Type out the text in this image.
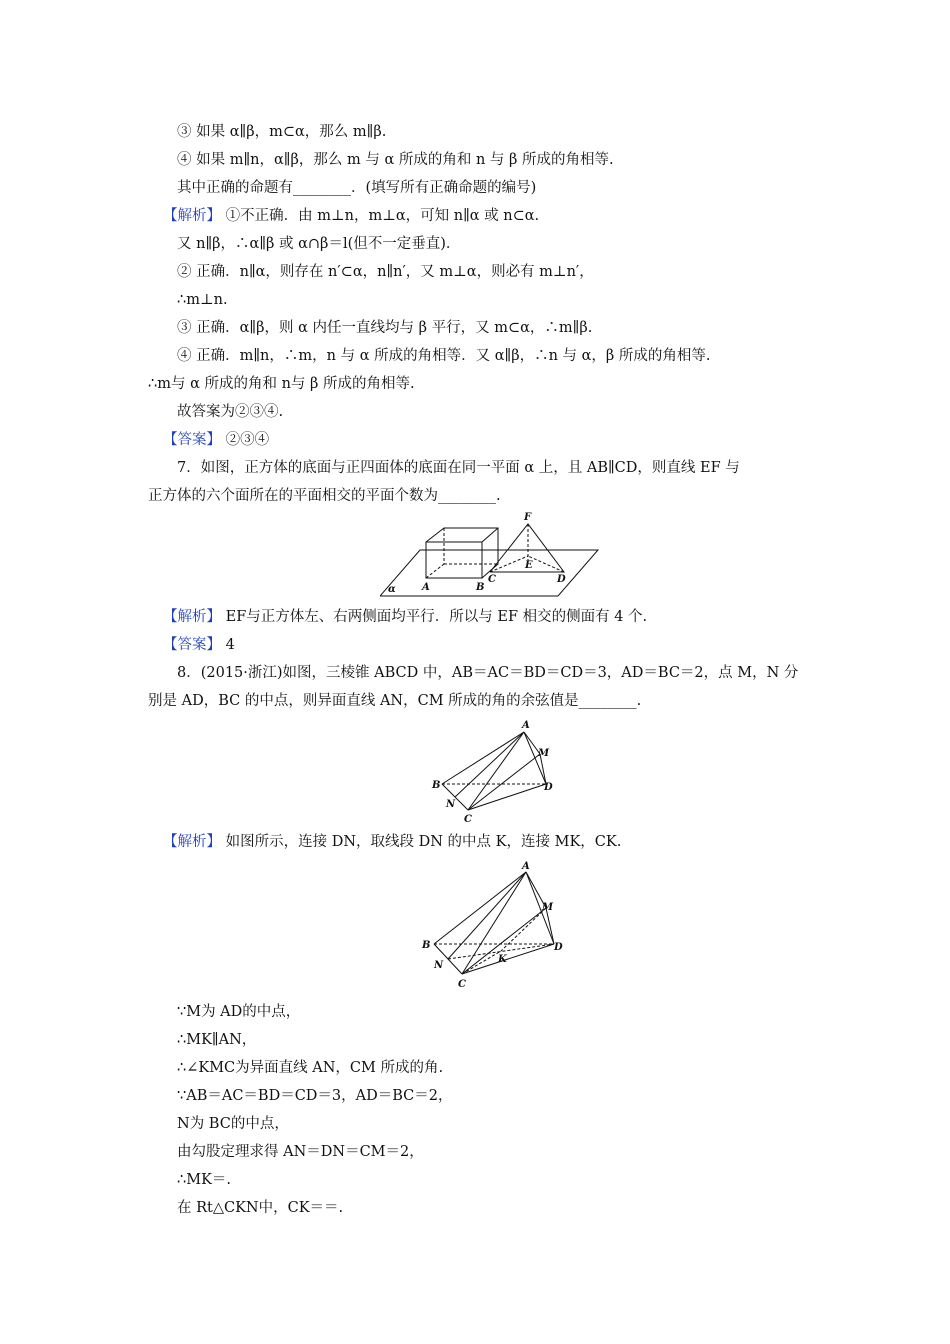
③ 如果 α∥β，m⊂α，那么 m∥β.
④ 如果 m∥n，α∥β，那么 m 与 α 所成的角和 n 与 β 所成的角相等.
其中正确的命题有________．(填写所有正确命题的编号)
【解析】 ①不正确．由 m⊥n，m⊥α，可知 n∥α 或 n⊂α.
又 n∥β，∴α∥β 或 α∩β＝l(但不一定垂直)．
② 正确．n∥α，则存在 n′⊂α，n∥n′，又 m⊥α，则必有 m⊥n′，
∴m⊥n.
③ 正确．α∥β，则 α 内任一直线均与 β 平行，又 m⊂α，∴m∥β.
④ 正确．m∥n，∴m，n 与 α 所成的角相等．又 α∥β，∴n 与 α，β 所成的角相等.
∴m与 α 所成的角和 n与 β 所成的角相等.
故答案为②③④.
【答案】 ②③④
7．如图，正方体的底面与正四面体的底面在同一平面 α 上，且 AB∥CD，则直线 EF 与
正方体的六个面所在的平面相交的平面个数为________.
α	A	B
C	D
E
F
【解析】 EF与正方体左、右两侧面均平行．所以与 EF 相交的侧面有 4 个.
【答案】 4
8．(2015·浙江)如图，三棱锥 ABCD 中，AB＝AC＝BD＝CD＝3，AD＝BC＝2，点 M，N 分
别是 AD，BC 的中点，则异面直线 AN，CM 所成的角的余弦值是________.
A
B
C
D
M
N
【解析】 如图所示，连接 DN，取线段 DN 的中点 K，连接 MK，CK.
A
B
C
D
M
N
K
∵M为 AD的中点，
∴MK∥AN，
∴∠KMC为异面直线 AN，CM 所成的角.
∵AB＝AC＝BD＝CD＝3，AD＝BC＝2，
N为 BC的中点，
由勾股定理求得 AN＝DN＝CM＝2，
∴MK＝.
在 Rt△CKN中，CK＝＝.
